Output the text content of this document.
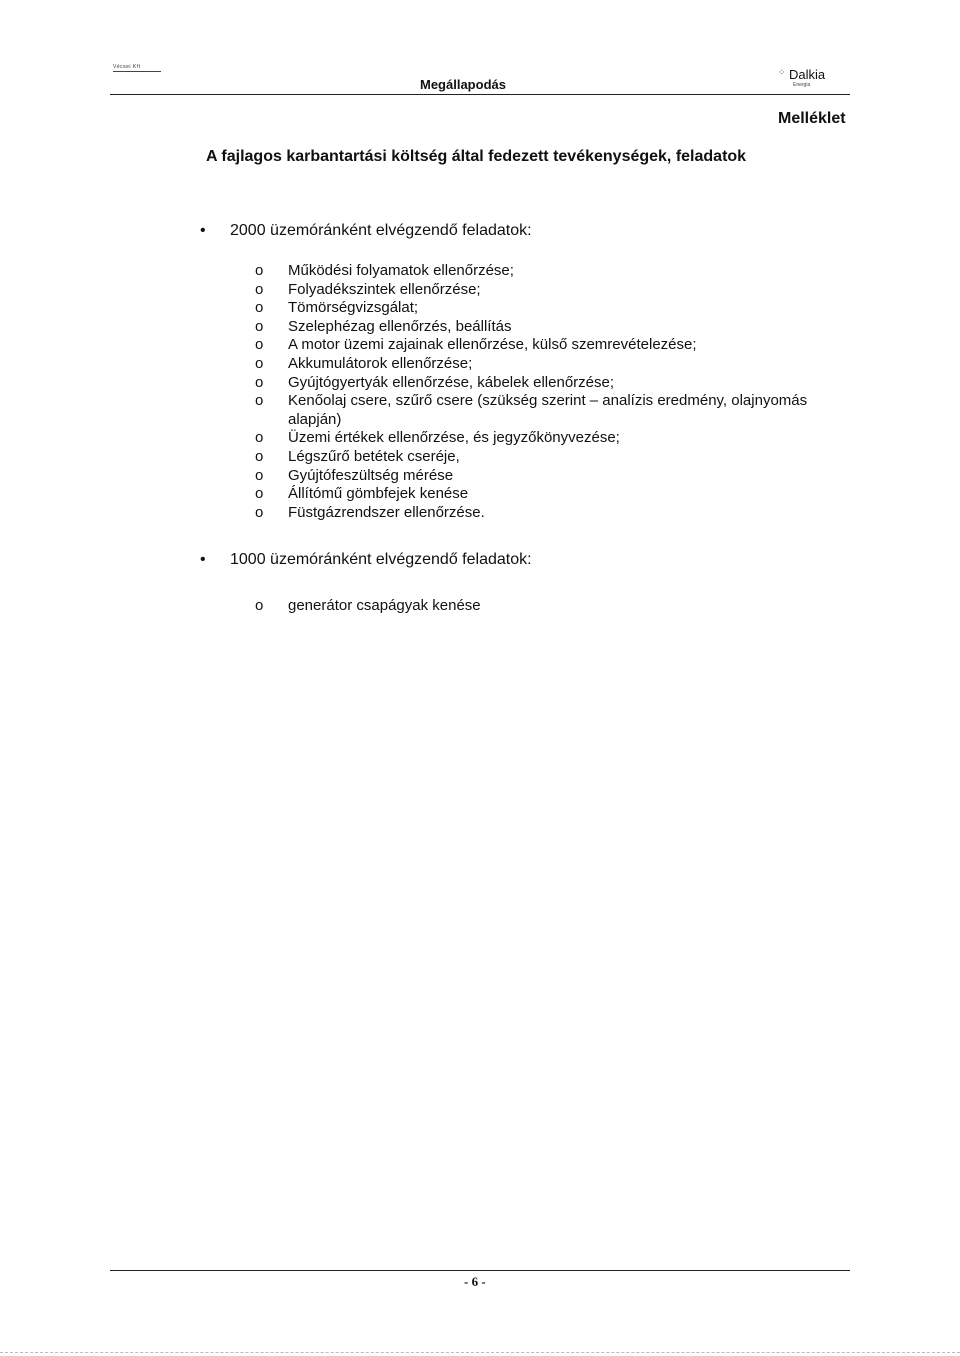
Vécsei Kft
Megállapodás
⁘ Dalkia
Energia
Melléklet
A fajlagos karbantartási költség által fedezett tevékenységek, feladatok
• 2000 üzemóránként elvégzendő feladatok:
o Működési folyamatok ellenőrzése;
o Folyadékszintek ellenőrzése;
o Tömörségvizsgálat;
o Szelephézag ellenőrzés, beállítás
o A motor üzemi zajainak ellenőrzése, külső szemrevételezése;
o Akkumulátorok ellenőrzése;
o Gyújtógyertyák ellenőrzése, kábelek ellenőrzése;
o Kenőolaj csere, szűrő csere (szükség szerint – analízis eredmény, olajnyomás alapján)
o Üzemi értékek ellenőrzése, és jegyzőkönyvezése;
o Légszűrő betétek cseréje,
o Gyújtófeszültség mérése
o Állítómű gömbfejek kenése
o Füstgázrendszer ellenőrzése.
• 1000 üzemóránként elvégzendő feladatok:
o generátor csapágyak kenése
- 6 -
